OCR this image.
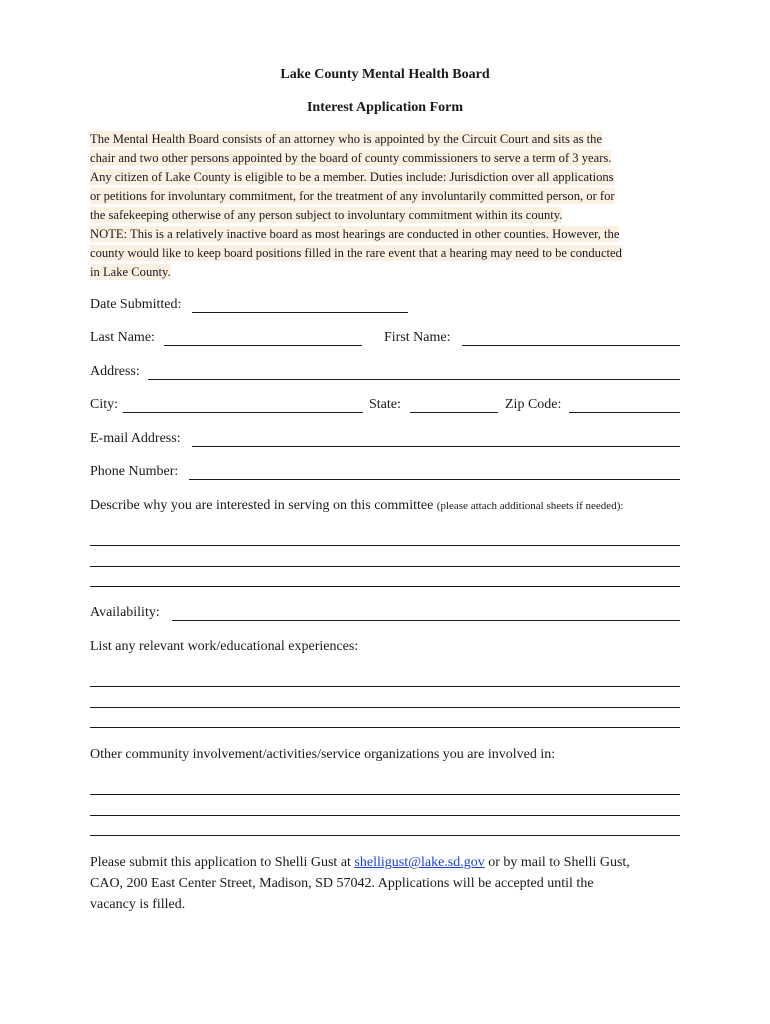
Lake County Mental Health Board
Interest Application Form
The Mental Health Board consists of an attorney who is appointed by the Circuit Court and sits as the
chair and two other persons appointed by the board of county commissioners to serve a term of 3 years.
Any citizen of Lake County is eligible to be a member. Duties include: Jurisdiction over all applications
or petitions for involuntary commitment, for the treatment of any involuntarily committed person, or for
the safekeeping otherwise of any person subject to involuntary commitment within its county.
NOTE: This is a relatively inactive board as most hearings are conducted in other counties. However, the
county would like to keep board positions filled in the rare event that a hearing may need to be conducted
in Lake County.
Date Submitted:
Last Name:	First Name:
Address:
City:	State:	Zip Code:
E-mail Address:
Phone Number:
Describe why you are interested in serving on this committee (please attach additional sheets if needed):
Availability:
List any relevant work/educational experiences:
Other community involvement/activities/service organizations you are involved in:
Please submit this application to Shelli Gust at shelligust@lake.sd.gov or by mail to Shelli Gust,
CAO, 200 East Center Street, Madison, SD 57042. Applications will be accepted until the
vacancy is filled.
